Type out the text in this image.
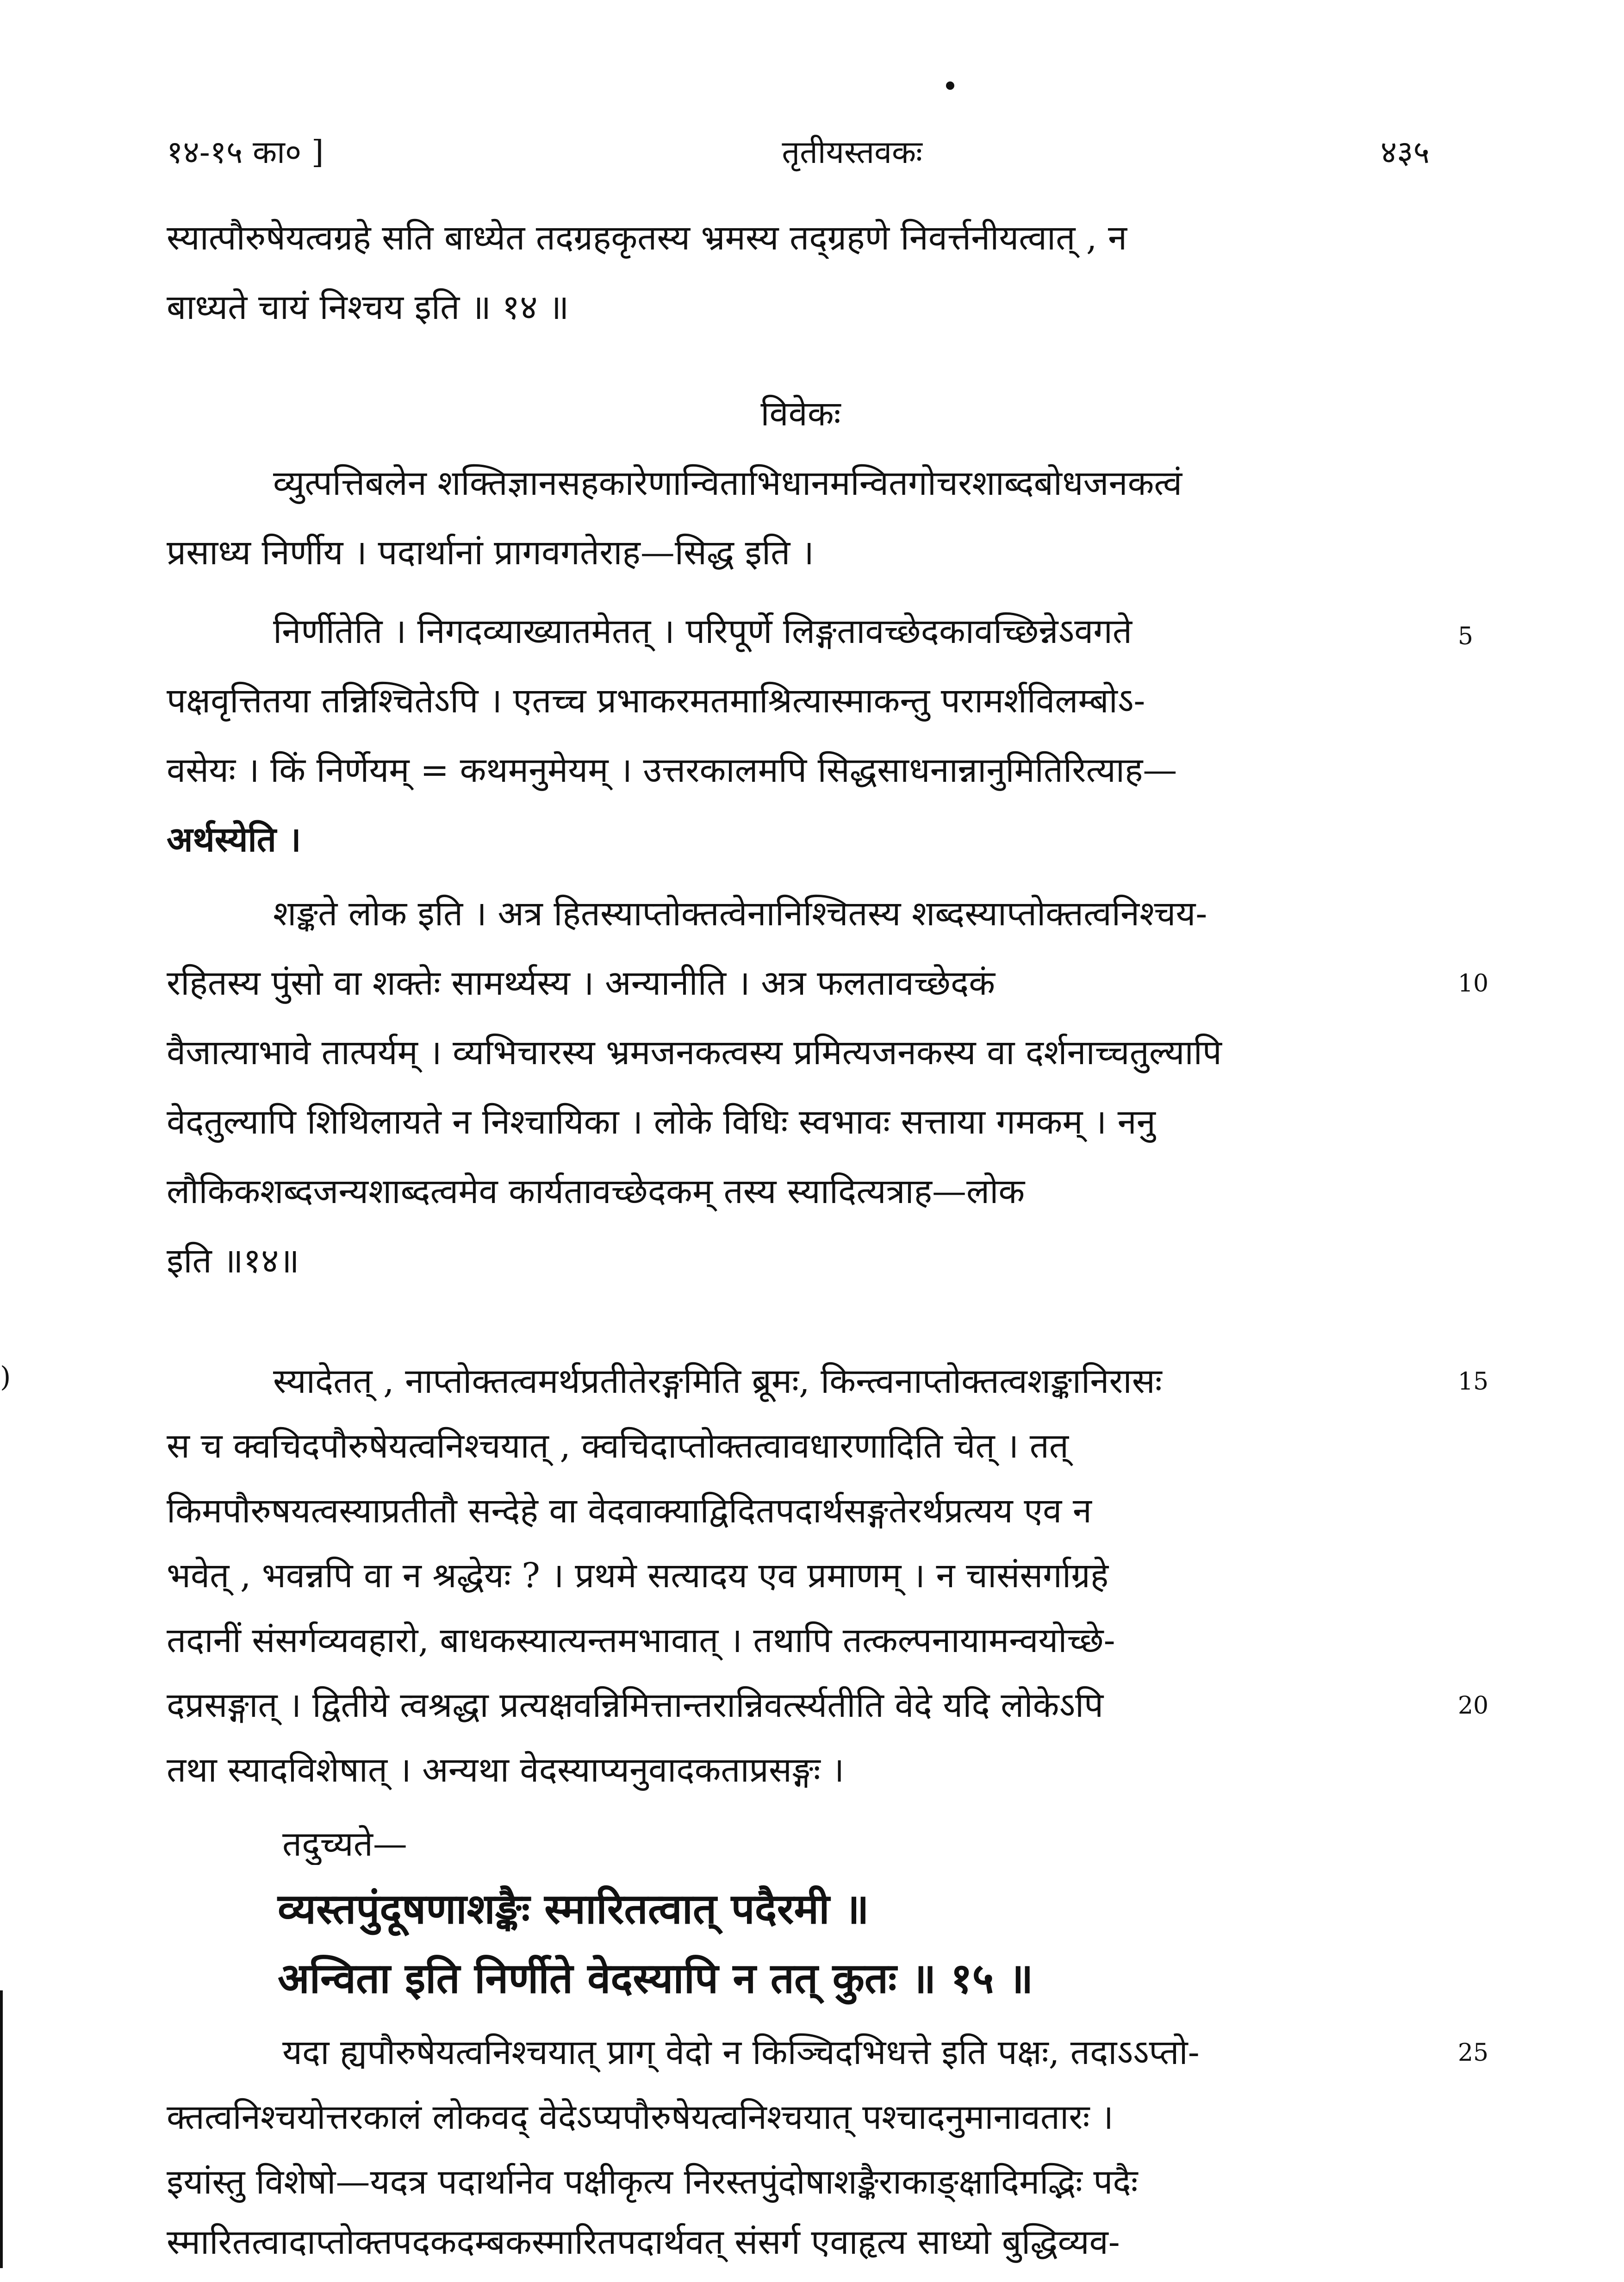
१४-१५ का० ]	तृतीयस्तवकः	४३५
स्यात्पौरुषेयत्वग्रहे सति बाध्येत तदग्रहकृतस्य भ्रमस्य तद्ग्रहणे निवर्त्तनीयत्वात् , न
बाध्यते चायं निश्चय इति ॥ १४ ॥
विवेकः
व्युत्पत्तिबलेन शक्तिज्ञानसहकारेणान्विताभिधानमन्वितगोचरशाब्दबोधजनकत्वं
प्रसाध्य निर्णीय । पदार्थानां प्रागवगतेराह—सिद्ध इति ।
निर्णीतेति । निगदव्याख्यातमेतत् । परिपूर्णे लिङ्गतावच्छेदकावच्छिन्नेऽवगते	5
पक्षवृत्तितया तन्निश्चितेऽपि । एतच्च प्रभाकरमतमाश्रित्यास्माकन्तु परामर्शविलम्बोऽ-
वसेयः । किं निर्णेयम् = कथमनुमेयम् । उत्तरकालमपि सिद्धसाधनान्नानुमितिरित्याह—
अर्थस्येति ।
शङ्कते लोक इति । अत्र हितस्याप्तोक्तत्वेनानिश्चितस्य शब्दस्याप्तोक्तत्वनिश्चय-
रहितस्य पुंसो वा शक्तेः सामर्थ्यस्य । अन्यानीति । अत्र फलतावच्छेदकं	10
वैजात्याभावे तात्पर्यम् । व्यभिचारस्य भ्रमजनकत्वस्य प्रमित्यजनकस्य वा दर्शनाच्चतुल्यापि
वेदतुल्यापि शिथिलायते न निश्चायिका । लोके विधिः स्वभावः सत्ताया गमकम् । ननु
लौकिकशब्दजन्यशाब्दत्वमेव कार्यतावच्छेदकम् तस्य स्यादित्यत्राह—लोक
इति ॥१४॥
)	स्यादेतत् , नाप्तोक्तत्वमर्थप्रतीतेरङ्गमिति ब्रूमः, किन्त्वनाप्तोक्तत्वशङ्कानिरासः	15
स च क्वचिदपौरुषेयत्वनिश्चयात् , क्वचिदाप्तोक्तत्वावधारणादिति चेत् । तत्
किमपौरुषयत्वस्याप्रतीतौ सन्देहे वा वेदवाक्याद्विदितपदार्थसङ्गतेरर्थप्रत्यय एव न
भवेत् , भवन्नपि वा न श्रद्धेयः ? । प्रथमे सत्यादय एव प्रमाणम् । न चासंसर्गाग्रहे
तदानीं संसर्गव्यवहारो, बाधकस्यात्यन्तमभावात् । तथापि तत्कल्पनायामन्वयोच्छे-
दप्रसङ्गात् । द्वितीये त्वश्रद्धा प्रत्यक्षवन्निमित्तान्तरान्निवर्त्स्यतीति वेदे यदि लोकेऽपि	20
तथा स्यादविशेषात् । अन्यथा वेदस्याप्यनुवादकताप्रसङ्गः ।
तदुच्यते—
व्यस्तपुंदूषणाशङ्कैः स्मारितत्वात् पदैरमी ॥
अन्विता इति निर्णीते वेदस्यापि न तत् कुतः ॥ १५ ॥
यदा ह्यपौरुषेयत्वनिश्चयात् प्राग् वेदो न किञ्चिदभिधत्ते इति पक्षः, तदाऽऽप्तो-	25
क्तत्वनिश्चयोत्तरकालं लोकवद् वेदेऽप्यपौरुषेयत्वनिश्चयात् पश्चादनुमानावतारः ।
इयांस्तु विशेषो—यदत्र पदार्थानेव पक्षीकृत्य निरस्तपुंदोषाशङ्कैराकाङ्क्षादिमद्भिः पदैः
स्मारितत्वादाप्तोक्तपदकदम्बकस्मारितपदार्थवत् संसर्ग एवाहृत्य साध्यो बुद्धिव्यव-
